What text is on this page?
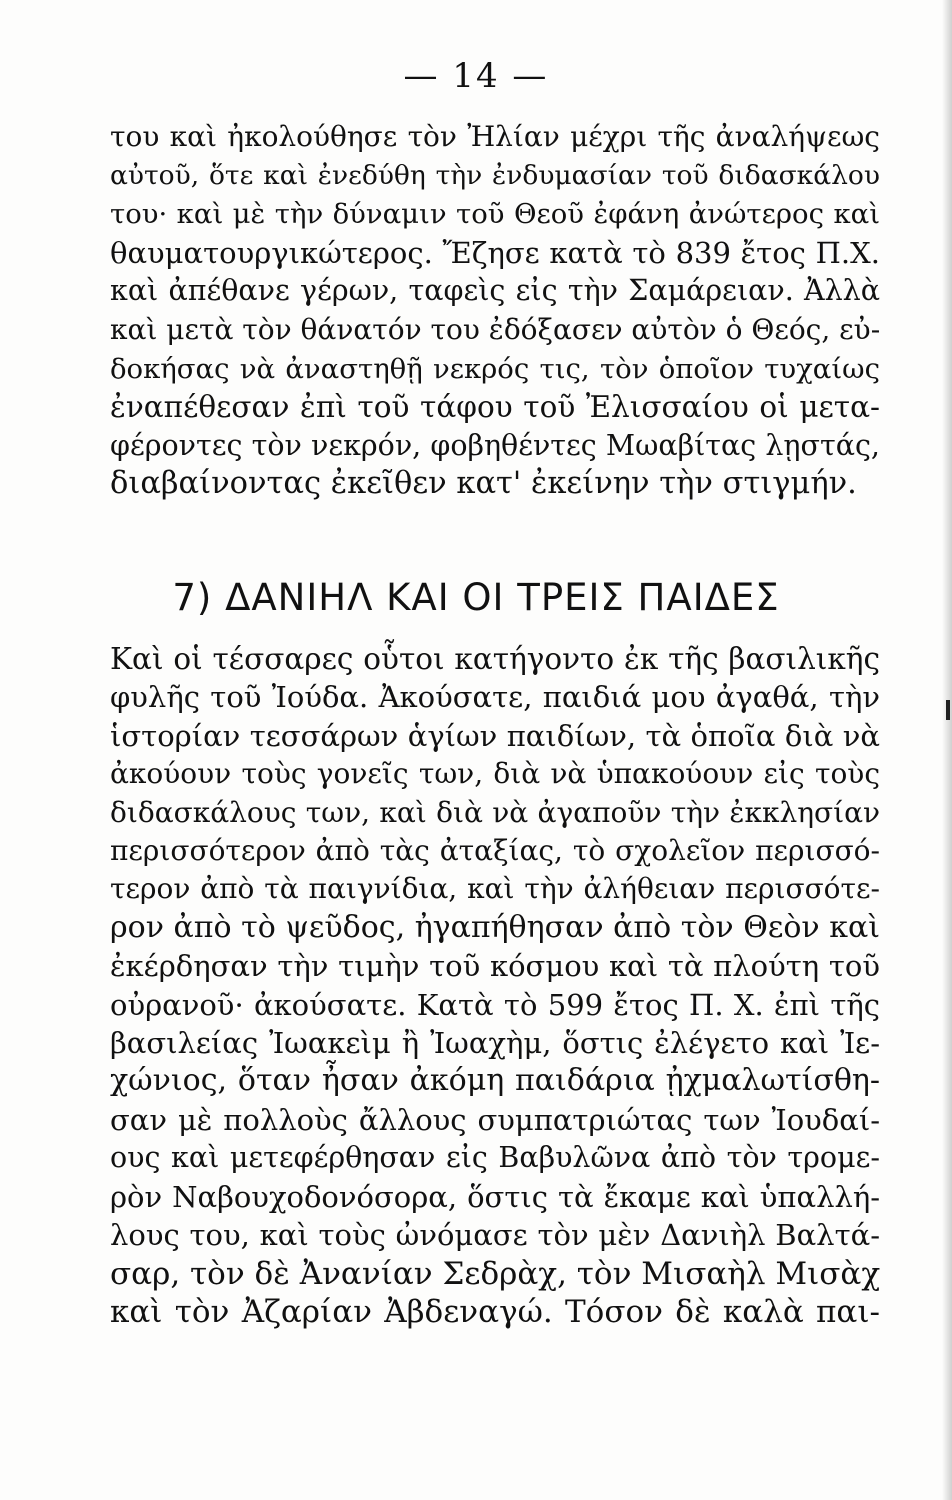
— 14 —

του καὶ ἠκολούθησε τὸν Ἠλίαν μέχρι τῆς ἀναλήψεως
αὐτοῦ, ὅτε καὶ ἐνεδύθη τὴν ἐνδυμασίαν τοῦ διδασκάλου
του· καὶ μὲ τὴν δύναμιν τοῦ Θεοῦ ἐφάνη ἀνώτερος καὶ
θαυματουργικώτερος. Ἔζησε κατὰ τὸ 839 ἔτος Π.Χ.
καὶ ἀπέθανε γέρων, ταφεὶς εἰς τὴν Σαμάρειαν. Ἀλλὰ
καὶ μετὰ τὸν θάνατόν του ἐδόξασεν αὐτὸν ὁ Θεός, εὐ-
δοκήσας νὰ ἀναστηθῇ νεκρός τις, τὸν ὁποῖον τυχαίως
ἐναπέθεσαν ἐπὶ τοῦ τάφου τοῦ Ἐλισσαίου οἱ μετα-
φέροντες τὸν νεκρόν, φοβηθέντες Μωαβίτας λῃστάς,
διαβαίνοντας ἐκεῖθεν κατ' ἐκείνην τὴν στιγμήν.

7) ΔΑΝΙΗΛ ΚΑΙ ΟΙ ΤΡΕΙΣ ΠΑΙΔΕΣ

Καὶ οἱ τέσσαρες οὗτοι κατήγοντο ἐκ τῆς βασιλικῆς
φυλῆς τοῦ Ἰούδα. Ἀκούσατε, παιδιά μου ἀγαθά, τὴν
ἱστορίαν τεσσάρων ἁγίων παιδίων, τὰ ὁποῖα διὰ νὰ
ἀκούουν τοὺς γονεῖς των, διὰ νὰ ὑπακούουν εἰς τοὺς
διδασκάλους των, καὶ διὰ νὰ ἀγαποῦν τὴν ἐκκλησίαν
περισσότερον ἀπὸ τὰς ἀταξίας, τὸ σχολεῖον περισσό-
τερον ἀπὸ τὰ παιγνίδια, καὶ τὴν ἀλήθειαν περισσότε-
ρον ἀπὸ τὸ ψεῦδος, ἠγαπήθησαν ἀπὸ τὸν Θεὸν καὶ
ἐκέρδησαν τὴν τιμὴν τοῦ κόσμου καὶ τὰ πλούτη τοῦ
οὐρανοῦ· ἀκούσατε. Κατὰ τὸ 599 ἔτος Π. Χ. ἐπὶ τῆς
βασιλείας Ἰωακεὶμ ἢ Ἰωαχὴμ, ὅστις ἐλέγετο καὶ Ἰε-
χώνιος, ὅταν ἦσαν ἀκόμη παιδάρια ᾐχμαλωτίσθη-
σαν μὲ πολλοὺς ἄλλους συμπατριώτας των Ἰουδαί-
ους καὶ μετεφέρθησαν εἰς Βαβυλῶνα ἀπὸ τὸν τρομε-
ρὸν Ναβουχοδονόσορα, ὅστις τὰ ἔκαμε καὶ ὑπαλλή-
λους του, καὶ τοὺς ὠνόμασε τὸν μὲν Δανιὴλ Βαλτά-
σαρ, τὸν δὲ Ἀνανίαν Σεδρὰχ, τὸν Μισαὴλ Μισὰχ
καὶ τὸν Ἀζαρίαν Ἀβδεναγώ. Τόσον δὲ καλὰ παι-
